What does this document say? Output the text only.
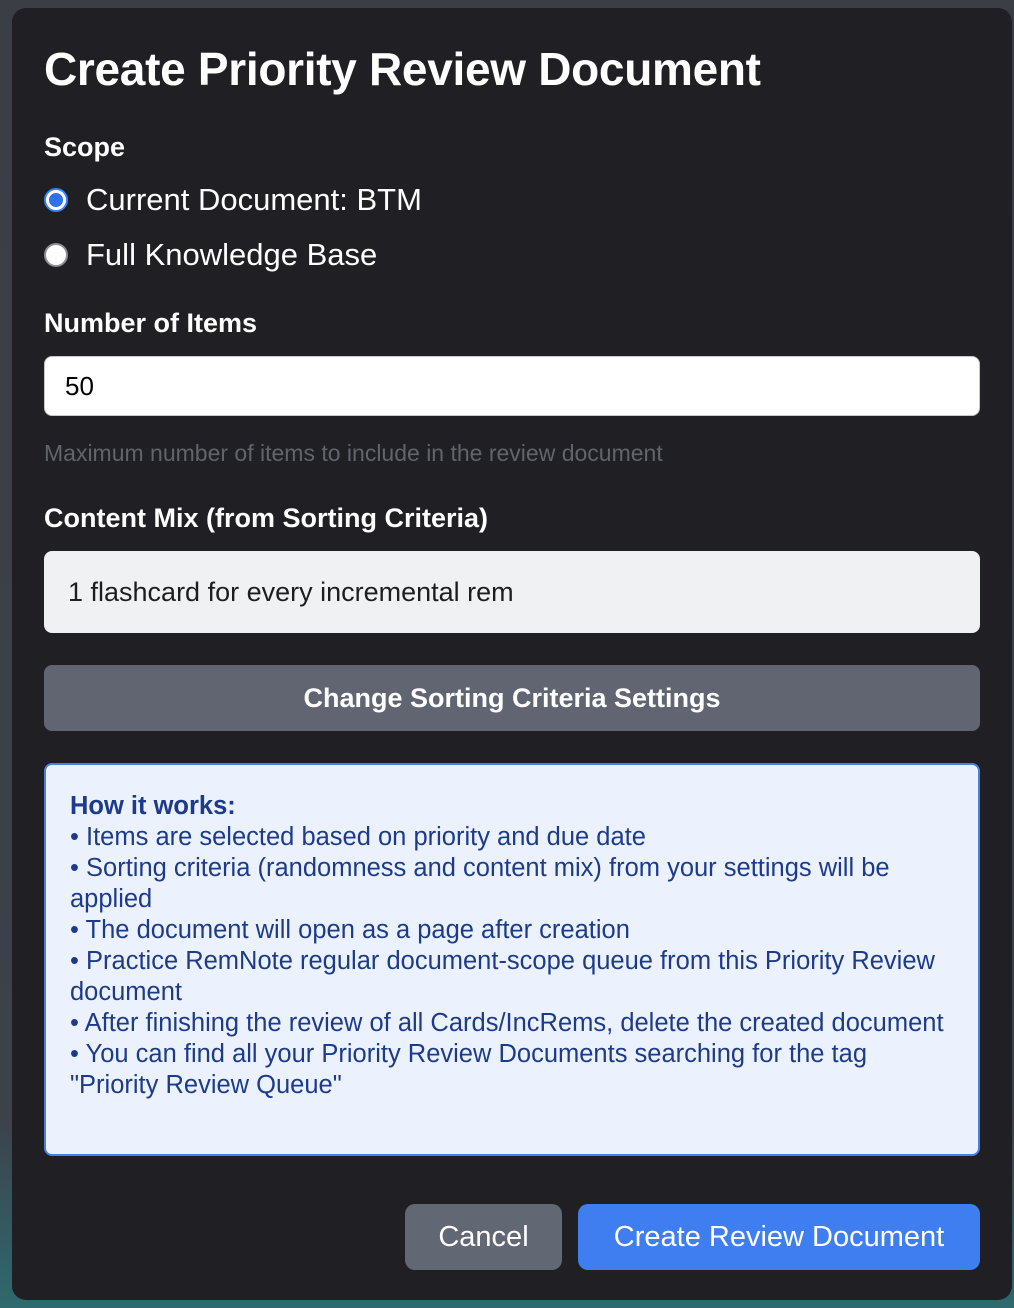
Create Priority Review Document
Scope
Current Document: BTM
Full Knowledge Base
Number of Items
50

Maximum number of items to include in the review document

Content Mix (from Sorting Criteria)
1 flashcard for every incremental rem
Change Sorting Criteria Settings
How it works:
• Items are selected based on priority and due date
• Sorting criteria (randomness and content mix) from your settings will be applied
• The document will open as a page after creation
• Practice RemNote regular document-scope queue from this Priority Review document
• After finishing the review of all Cards/IncRems, delete the created document
• You can find all your Priority Review Documents searching for the tag "Priority Review Queue"
Cancel	Create Review Document
